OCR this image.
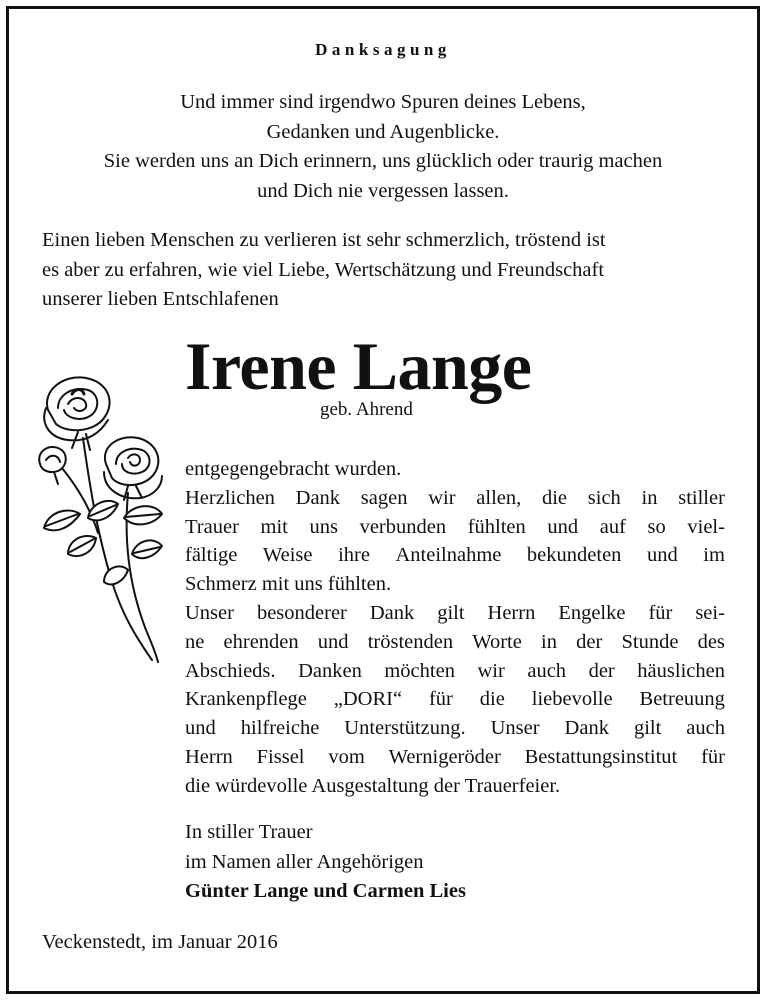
Danksagung
Und immer sind irgendwo Spuren deines Lebens,
Gedanken und Augenblicke.
Sie werden uns an Dich erinnern, uns glücklich oder traurig machen
und Dich nie vergessen lassen.
Einen lieben Menschen zu verlieren ist sehr schmerzlich, tröstend ist
es aber zu erfahren, wie viel Liebe, Wertschätzung und Freundschaft
unserer lieben Entschlafenen
Irene Lange
geb. Ahrend
entgegengebracht wurden.
Herzlichen Dank sagen wir allen, die sich in stiller
Trauer mit uns verbunden fühlten und auf so viel-
fältige Weise ihre Anteilnahme bekundeten und im
Schmerz mit uns fühlten.
Unser besonderer Dank gilt Herrn Engelke für sei-
ne ehrenden und tröstenden Worte in der Stunde des
Abschieds. Danken möchten wir auch der häuslichen
Krankenpflege „DORI“ für die liebevolle Betreuung
und hilfreiche Unterstützung. Unser Dank gilt auch
Herrn Fissel vom Wernigeröder Bestattungsinstitut für
die würdevolle Ausgestaltung der Trauerfeier.
In stiller Trauer
im Namen aller Angehörigen
Günter Lange und Carmen Lies
Veckenstedt, im Januar 2016
